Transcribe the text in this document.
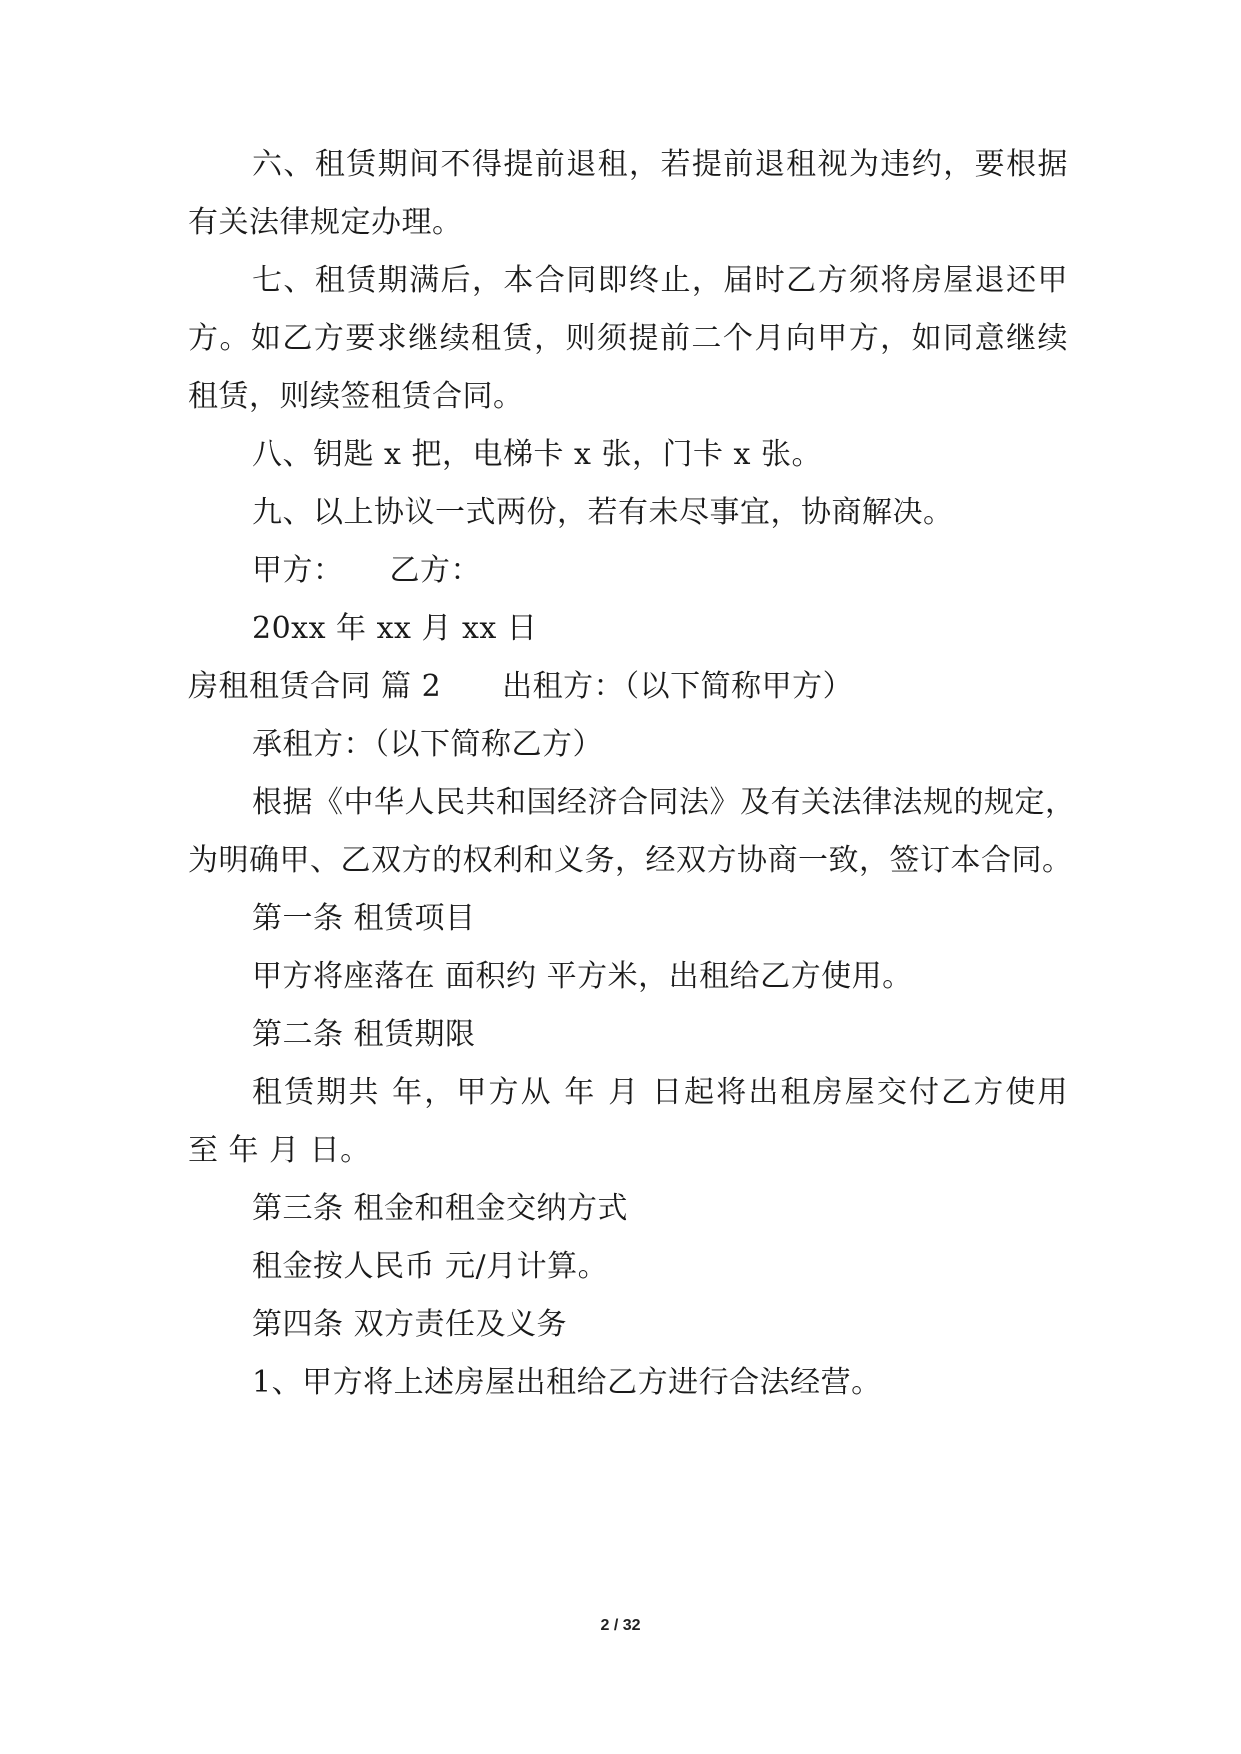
六、租赁期间不得提前退租，若提前退租视为违约，要根据
有关法律规定办理。
七、租赁期满后，本合同即终止，届时乙方须将房屋退还甲
方。如乙方要求继续租赁，则须提前二个月向甲方，如同意继续
租赁，则续签租赁合同。
八、钥匙 x 把，电梯卡 x 张，门卡 x 张。
九、以上协议一式两份，若有未尽事宜，协商解决。
甲方：　　乙方：
20xx 年 xx 月 xx 日
房租租赁合同 篇 2　　出租方：（以下简称甲方）
承租方：（以下简称乙方）
根据《中华人民共和国经济合同法》及有关法律法规的规定，
为明确甲、乙双方的权利和义务，经双方协商一致，签订本合同。
第一条 租赁项目
甲方将座落在 面积约 平方米，出租给乙方使用。
第二条 租赁期限
租赁期共 年，甲方从 年 月 日起将出租房屋交付乙方使用
至 年 月 日。
第三条 租金和租金交纳方式
租金按人民币 元/月计算。
第四条 双方责任及义务
1、甲方将上述房屋出租给乙方进行合法经营。
2 / 32
